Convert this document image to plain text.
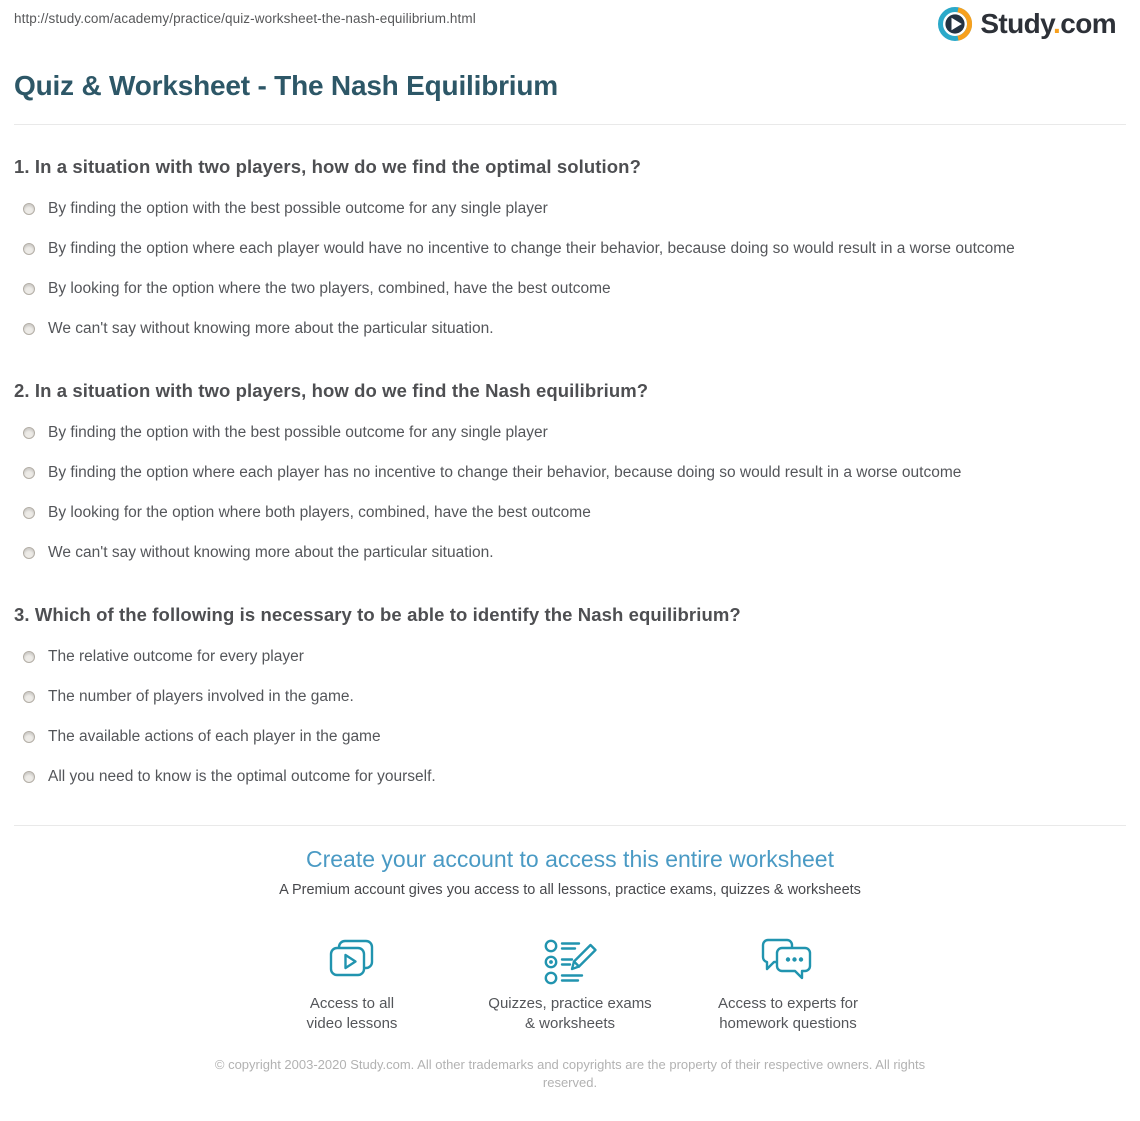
http://study.com/academy/practice/quiz-worksheet-the-nash-equilibrium.html	Study.com
Quiz & Worksheet - The Nash Equilibrium
1. In a situation with two players, how do we find the optimal solution?
By finding the option with the best possible outcome for any single player
By finding the option where each player would have no incentive to change their behavior, because doing so would result in a worse outcome
By looking for the option where the two players, combined, have the best outcome
We can't say without knowing more about the particular situation.
2. In a situation with two players, how do we find the Nash equilibrium?
By finding the option with the best possible outcome for any single player
By finding the option where each player has no incentive to change their behavior, because doing so would result in a worse outcome
By looking for the option where both players, combined, have the best outcome
We can't say without knowing more about the particular situation.
3. Which of the following is necessary to be able to identify the Nash equilibrium?
The relative outcome for every player
The number of players involved in the game.
The available actions of each player in the game
All you need to know is the optimal outcome for yourself.
Create your account to access this entire worksheet
A Premium account gives you access to all lessons, practice exams, quizzes & worksheets
Access to all
video lessons
Quizzes, practice exams
& worksheets
Access to experts for
homework questions
© copyright 2003-2020 Study.com. All other trademarks and copyrights are the property of their respective owners. All rights reserved.
